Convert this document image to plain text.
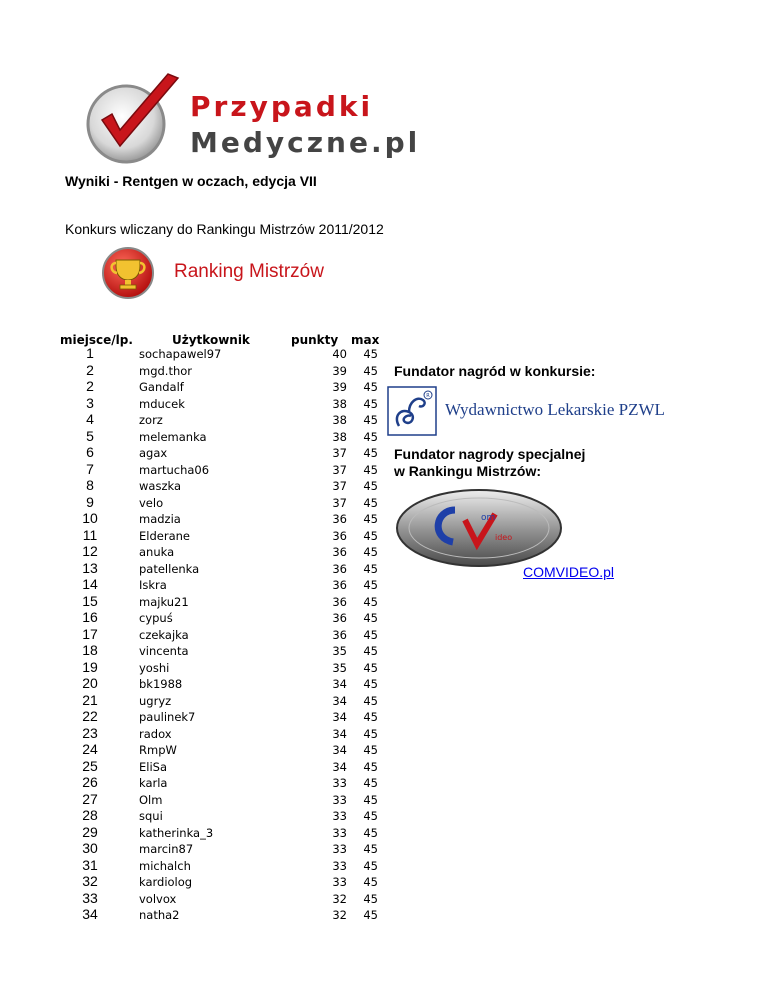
Przypadki
Medyczne.pl
Wyniki - Rentgen w oczach, edycja VII
Konkurs wliczany do Rankingu Mistrzów 2011/2012
Ranking Mistrzów
miejsce/lp.	Użytkownik	punkty max
1	sochapawel97	40	45
2	mgd.thor	39	45
2	Gandalf	39	45
3	mducek	38	45
4	zorz	38	45
5	melemanka	38	45
6	agax	37	45
7	martucha06	37	45
8	waszka	37	45
9	velo	37	45
10	madzia	36	45
11	Elderane	36	45
12	anuka	36	45
13	patellenka	36	45
14	Iskra	36	45
15	majku21	36	45
16	cypuś	36	45
17	czekajka	36	45
18	vincenta	35	45
19	yoshi	35	45
20	bk1988	34	45
21	ugryz	34	45
22	paulinek7	34	45
23	radox	34	45
24	RmpW	34	45
25	EliSa	34	45
26	karla	33	45
27	Olm	33	45
28	squi	33	45
29	katherinka_3	33	45
30	marcin87	33	45
31	michalch	33	45
32	kardiolog	33	45
33	volvox	32	45
34	natha2	32	45
Fundator nagród w konkursie:
R
Wydawnictwo Lekarskie PZWL
Fundator nagrody specjalnej
w Rankingu Mistrzów:
om
ideo
COMVIDEO.pl
